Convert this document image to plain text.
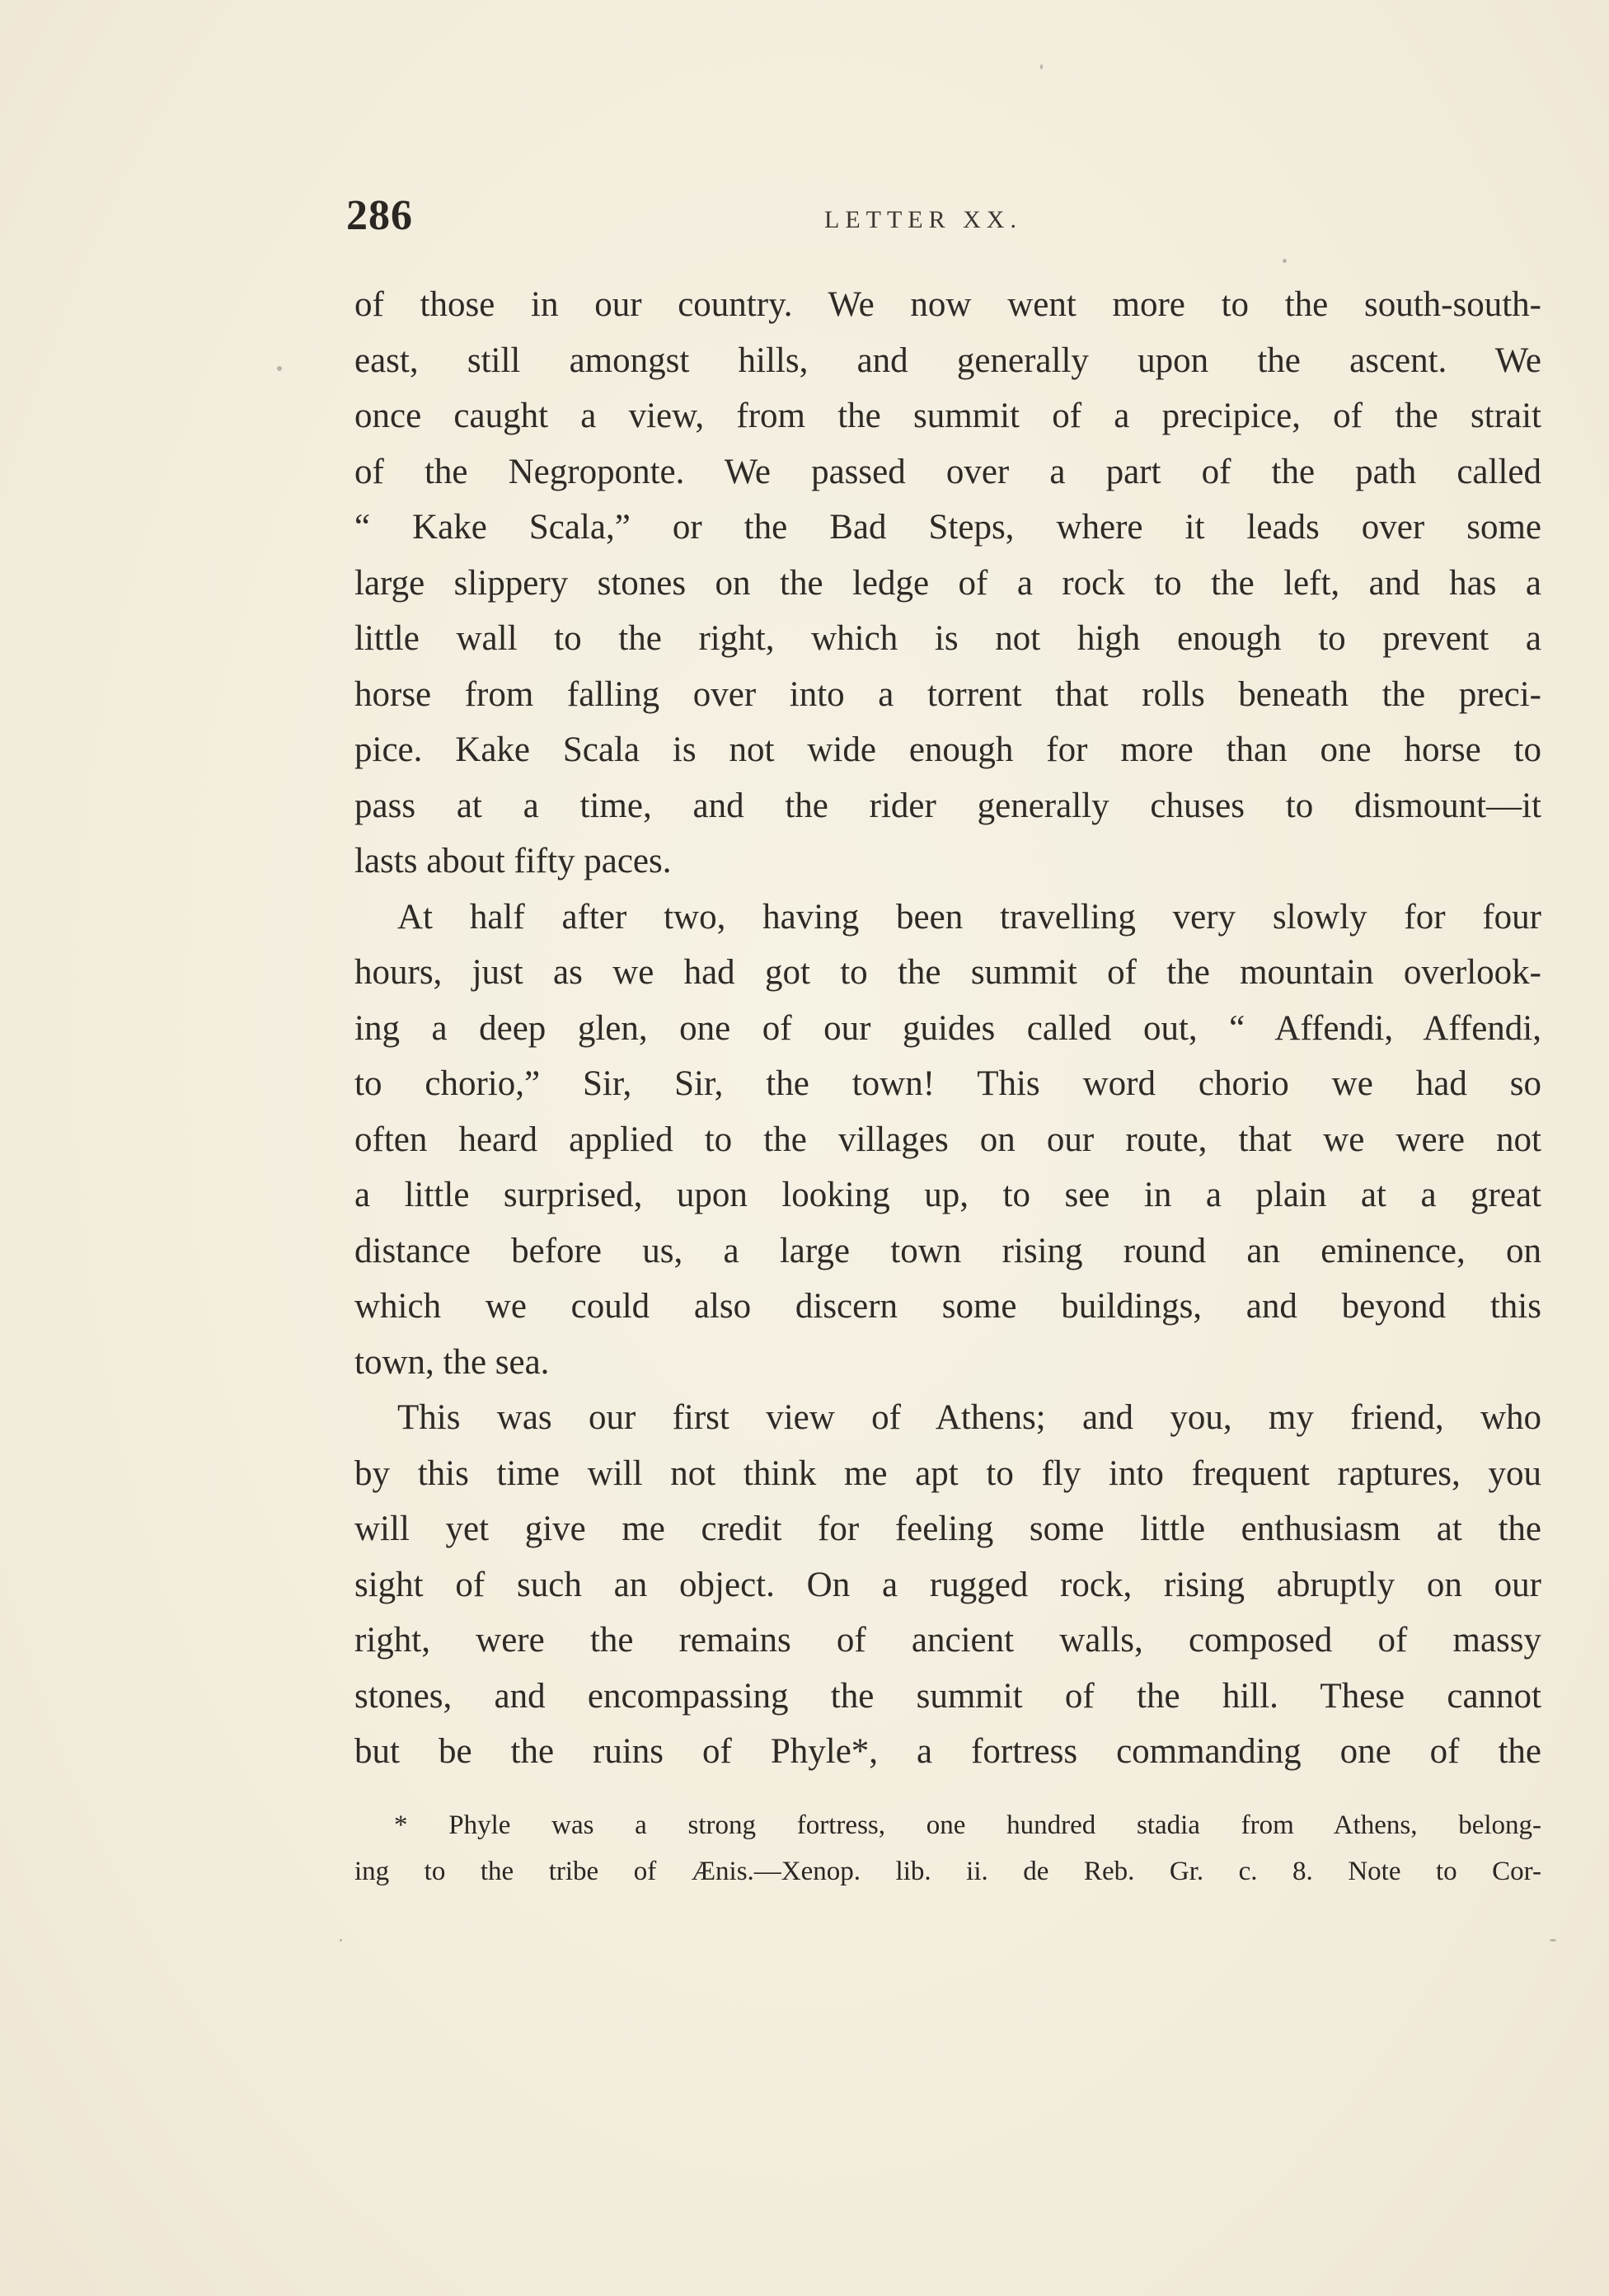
286	LETTER XX.
of those in our country. We now went more to the south-south-
east, still amongst hills, and generally upon the ascent. We
once caught a view, from the summit of a precipice, of the strait
of the Negroponte. We passed over a part of the path called
“ Kake Scala,” or the Bad Steps, where it leads over some
large slippery stones on the ledge of a rock to the left, and has a
little wall to the right, which is not high enough to prevent a
horse from falling over into a torrent that rolls beneath the preci-
pice. Kake Scala is not wide enough for more than one horse to
pass at a time, and the rider generally chuses to dismount—it
lasts about fifty paces.
At half after two, having been travelling very slowly for four
hours, just as we had got to the summit of the mountain overlook-
ing a deep glen, one of our guides called out, “ Affendi, Affendi,
to chorio,” Sir, Sir, the town! This word chorio we had so
often heard applied to the villages on our route, that we were not
a little surprised, upon looking up, to see in a plain at a great
distance before us, a large town rising round an eminence, on
which we could also discern some buildings, and beyond this
town, the sea.
This was our first view of Athens; and you, my friend, who
by this time will not think me apt to fly into frequent raptures, you
will yet give me credit for feeling some little enthusiasm at the
sight of such an object. On a rugged rock, rising abruptly on our
right, were the remains of ancient walls, composed of massy
stones, and encompassing the summit of the hill. These cannot
but be the ruins of Phyle*, a fortress commanding one of the
* Phyle was a strong fortress, one hundred stadia from Athens, belong-
ing to the tribe of Ænis.—Xenop. lib. ii. de Reb. Gr. c. 8. Note to Cor-
